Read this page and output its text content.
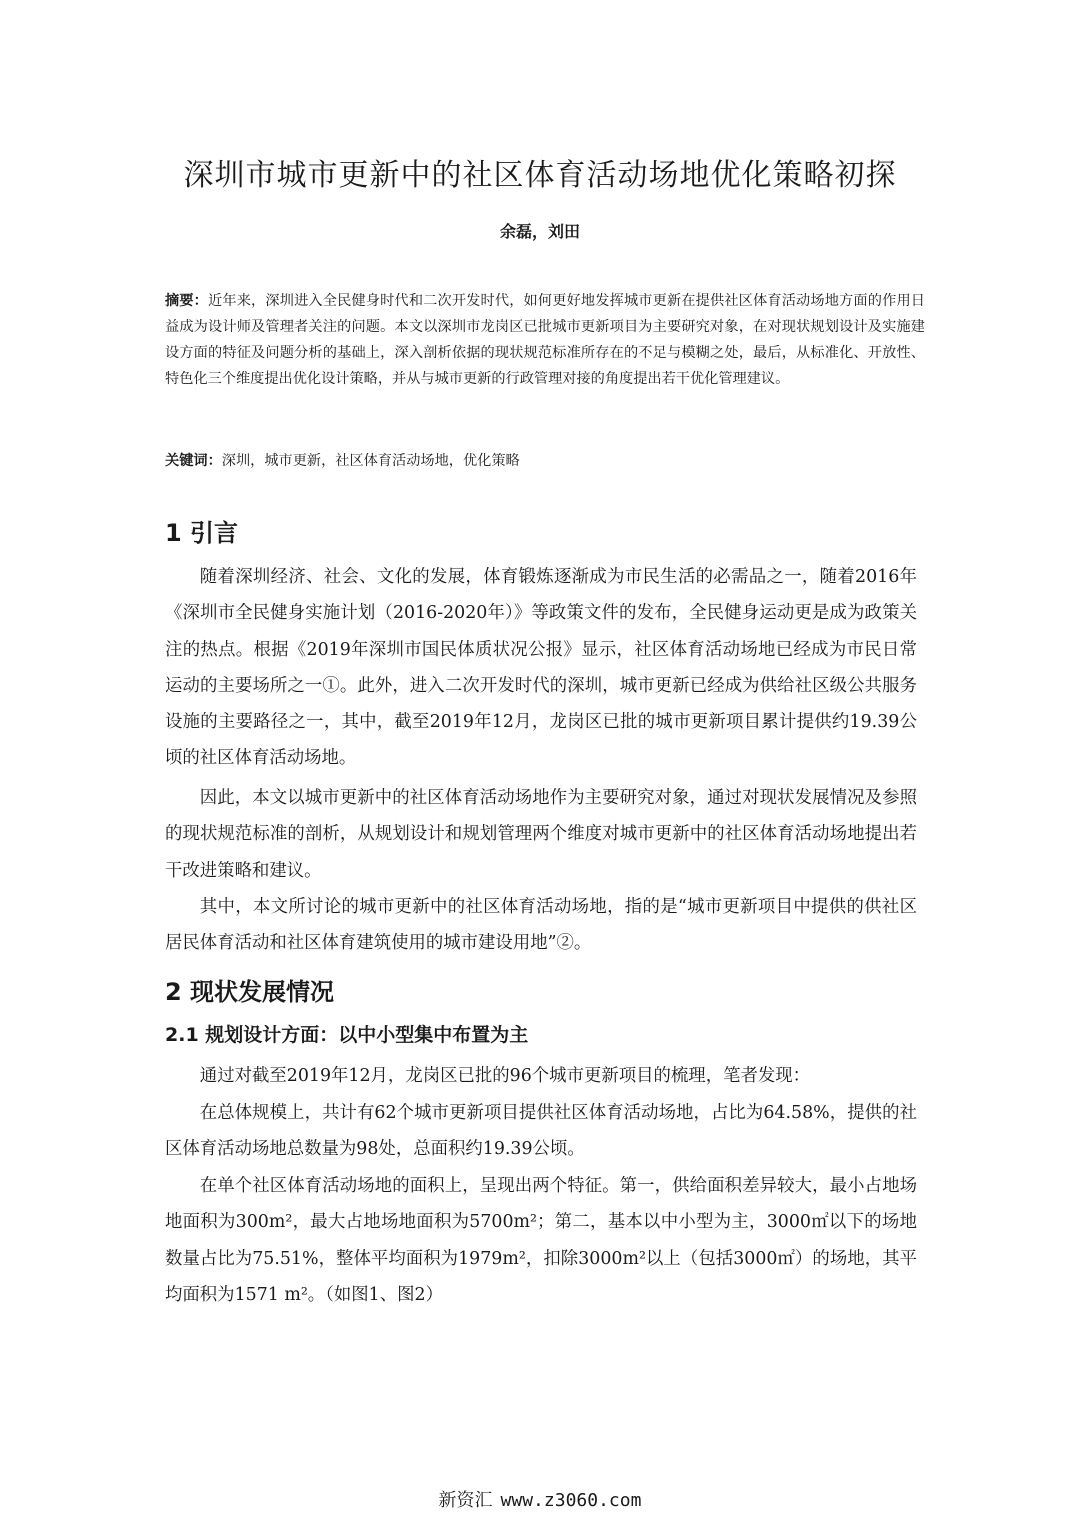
深圳市城市更新中的社区体育活动场地优化策略初探
余磊，刘田
摘要：近年来，深圳进入全民健身时代和二次开发时代，如何更好地发挥城市更新在提供社区体育活动场地方面的作用日益成为设计师及管理者关注的问题。本文以深圳市龙岗区已批城市更新项目为主要研究对象，在对现状规划设计及实施建设方面的特征及问题分析的基础上，深入剖析依据的现状规范标准所存在的不足与模糊之处，最后，从标准化、开放性、特色化三个维度提出优化设计策略，并从与城市更新的行政管理对接的角度提出若干优化管理建议。
关键词：深圳，城市更新，社区体育活动场地，优化策略
1 引言

随着深圳经济、社会、文化的发展，体育锻炼逐渐成为市民生活的必需品之一，随着2016年《深圳市全民健身实施计划（2016-2020年）》等政策文件的发布，全民健身运动更是成为政策关注的热点。根据《2019年深圳市国民体质状况公报》显示，社区体育活动场地已经成为市民日常运动的主要场所之一①。此外，进入二次开发时代的深圳，城市更新已经成为供给社区级公共服务设施的主要路径之一，其中，截至2019年12月，龙岗区已批的城市更新项目累计提供约19.39公顷的社区体育活动场地。

因此，本文以城市更新中的社区体育活动场地作为主要研究对象，通过对现状发展情况及参照的现状规范标准的剖析，从规划设计和规划管理两个维度对城市更新中的社区体育活动场地提出若干改进策略和建议。

其中，本文所讨论的城市更新中的社区体育活动场地，指的是“城市更新项目中提供的供社区居民体育活动和社区体育建筑使用的城市建设用地”②。

2 现状发展情况
2.1 规划设计方面：以中小型集中布置为主

通过对截至2019年12月，龙岗区已批的96个城市更新项目的梳理，笔者发现：

在总体规模上，共计有62个城市更新项目提供社区体育活动场地，占比为64.58%，提供的社区体育活动场地总数量为98处，总面积约19.39公顷。

在单个社区体育活动场地的面积上，呈现出两个特征。第一，供给面积差异较大，最小占地场地面积为300m²，最大占地场地面积为5700m²；第二，基本以中小型为主，3000㎡以下的场地数量占比为75.51%，整体平均面积为1979m²，扣除3000m²以上（包括3000㎡）的场地，其平均面积为1571 m²。（如图1、图2）

新资汇 www.z3060.com
